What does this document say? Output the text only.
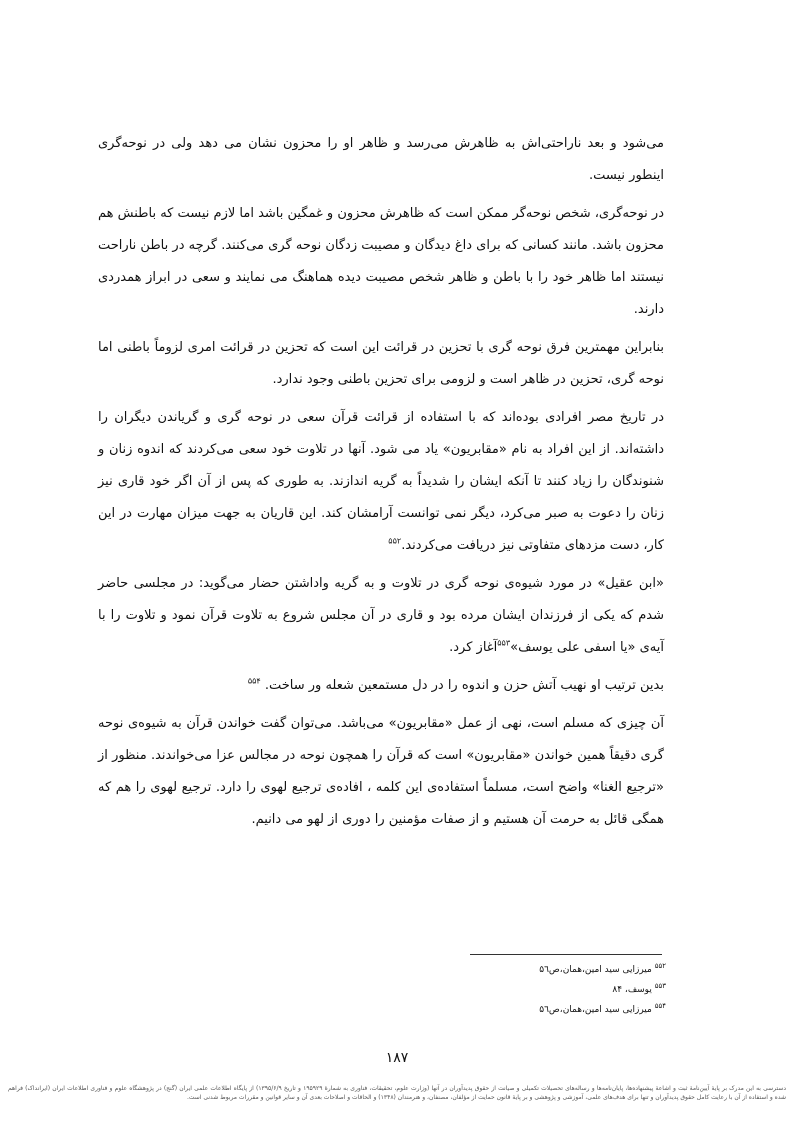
می‌شود و بعد ناراحتی‌اش به ظاهرش می‌رسد و ظاهر او را محزون نشان می دهد ولی در نوحه‌گری اینطور نیست.

در نوحه‌گری، شخص نوحه‌گر ممکن است که ظاهرش محزون و غمگین باشد اما لازم نیست که باطنش هم محزون باشد. مانند کسانی که برای داغ دیدگان و مصیبت زدگان نوحه گری می‌کنند. گرچه در باطن ناراحت نیستند اما ظاهر خود را با باطن و ظاهر شخص مصیبت دیده هماهنگ می نمایند و سعی در ابراز همدردی دارند.

بنابراین مهمترین فرق نوحه گری با تحزین در قرائت این است که تحزین در قرائت امری لزوماً باطنی اما نوحه گری، تحزین در ظاهر است و لزومی برای تحزین باطنی وجود ندارد.

در تاریخ مصر افرادی بوده‌اند که با استفاده از قرائت قرآن سعی در نوحه گری و گریاندن دیگران را داشته‌اند. از این افراد به نام «مقابریون» یاد می شود. آنها در تلاوت خود سعی می‌کردند که اندوه زنان و شنوندگان را زیاد کنند تا آنکه ایشان را شدیداً به گریه اندازند. به طوری که پس از آن اگر خود قاری نیز زنان را دعوت به صبر می‌کرد، دیگر نمی توانست آرامشان کند. این قاریان به جهت میزان مهارت در این کار، دست مزدهای متفاوتی نیز دریافت می‌کردند.$^{۵۵۲}$

«ابن عقیل» در مورد شیوه‌ی نوحه گری در تلاوت و به گریه واداشتن حضار می‌گوید: در مجلسی حاضر شدم که یکی از فرزندان ایشان مرده بود و قاری در آن مجلس شروع به تلاوت قرآن نمود و تلاوت را با آیه‌ی «یا اسفی علی یوسف»$^{۵۵۳}$آغاز کرد.

بدین ترتیب او نهیب آتش حزن و اندوه را در دل مستمعین شعله ور ساخت. $^{۵۵۴}$

آن چیزی که مسلم است، نهی از عمل «مقابریون» می‌باشد. می‌توان گفت خواندن قرآن به شیوه‌ی نوحه گری دقیقاً همین خواندن «مقابریون» است که قرآن را همچون نوحه در مجالس عزا می‌خواندند. منظور از «ترجیع الغنا» واضح است، مسلماً استفاده‌ی این کلمه ، افاده‌ی ترجیع لهوی را دارد. ترجیع لهوی را هم که همگی قائل به حرمت آن هستیم و از صفات مؤمنین را دوری از لهو می دانیم.

$^{۵۵۲}$ میرزایی سید امین،همان،ص۵٦
$^{۵۵۳}$ یوسف، ۸۴
$^{۵۵۴}$ میرزایی سید امین،همان،ص۵٦
۱۸۷
دسترسی به این مدرک بر پایهٔ آیین‌نامهٔ ثبت و اشاعهٔ پیشنهاده‌ها، پایان‌نامه‌ها و رساله‌های تحصیلات تکمیلی و صیانت از حقوق پدیدآوران در آنها (وزارت علوم، تحقیقات، فناوری به شمارهٔ ۱۹۵۹۲۹ و تاریخ ۱۳۹۵/۶/۹) از پایگاه اطلاعات علمی ایران (گنج) در پژوهشگاه علوم و فناوری اطلاعات ایران (ایرانداک) فراهم شده و استفاده از آن با رعایت کامل حقوق پدیدآوران و تنها برای هدف‌های علمی، آموزشی و پژوهشی و بر پایهٔ قانون حمایت از مؤلفان، مصنفان، و هنرمندان (۱۳۴۸) و الحاقات و اصلاحات بعدی آن و سایر قوانین و مقررات مربوط شدنی است.
